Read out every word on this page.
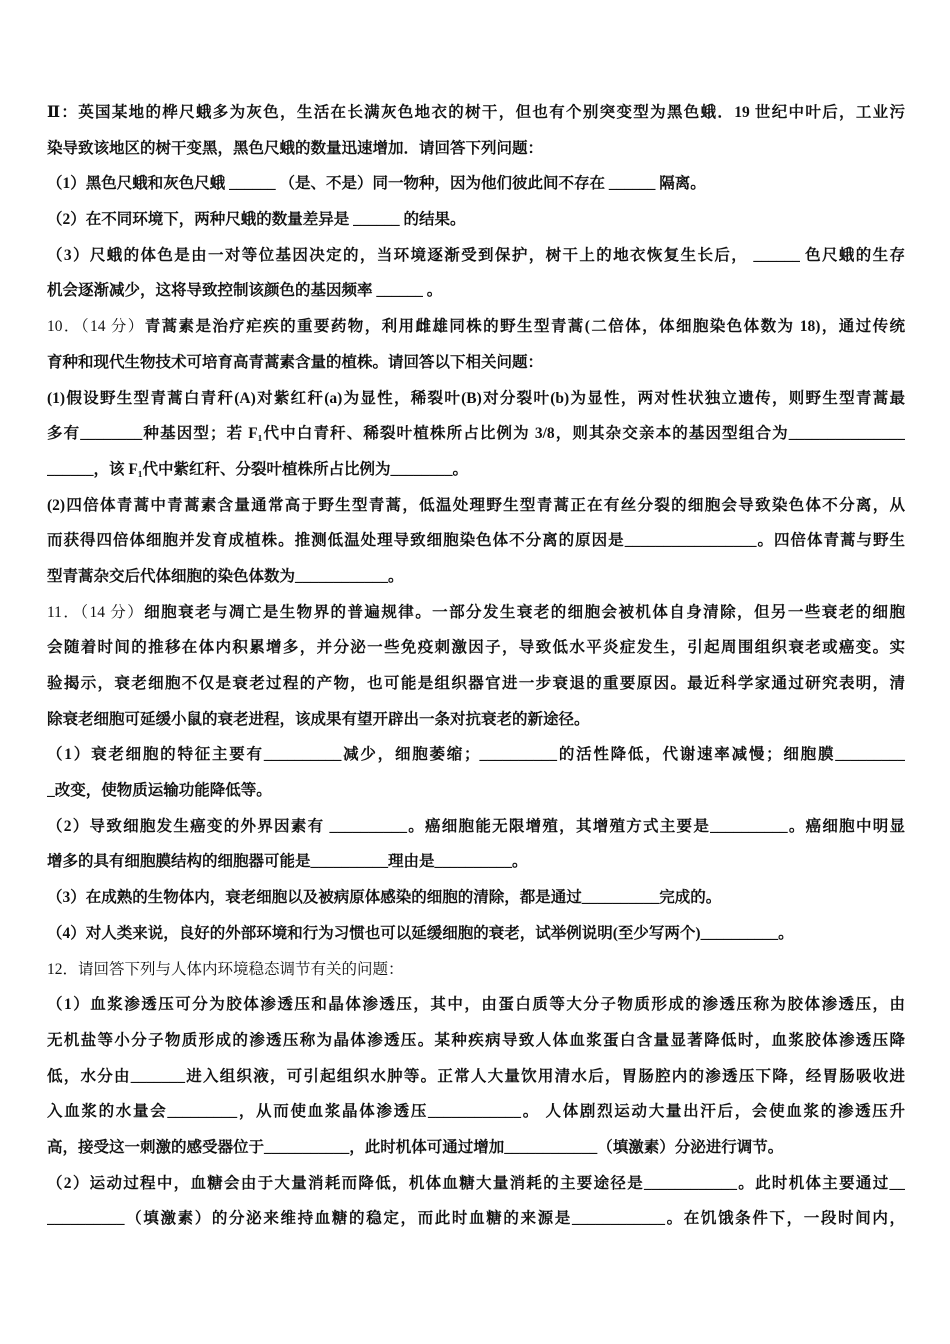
Ⅱ：英国某地的桦尺蛾多为灰色，生活在长满灰色地衣的树干，但也有个别突变型为黑色蛾．19 世纪中叶后，工业污
染导致该地区的树干变黑，黑色尺蛾的数量迅速增加．请回答下列问题：
（1）黑色尺蛾和灰色尺蛾 ______ （是、不是）同一物种，因为他们彼此间不存在 ______ 隔离。
（2）在不同环境下，两种尺蛾的数量差异是 ______ 的结果。
（3）尺蛾的体色是由一对等位基因决定的，当环境逐渐受到保护，树干上的地衣恢复生长后， ______ 色尺蛾的生存
机会逐渐减少，这将导致控制该颜色的基因频率 ______ 。
10．（14 分）青蒿素是治疗疟疾的重要药物，利用雌雄同株的野生型青蒿(二倍体，体细胞染色体数为 18)，通过传统
育种和现代生物技术可培育高青蒿素含量的植株。请回答以下相关问题：
(1)假设野生型青蒿白青秆(A)对紫红秆(a)为显性，稀裂叶(B)对分裂叶(b)为显性，两对性状独立遗传，则野生型青蒿最
多有________种基因型；若 F₁代中白青秆、稀裂叶植株所占比例为 3/8，则其杂交亲本的基因型组合为_______________
______，该 F₁代中紫红秆、分裂叶植株所占比例为________。
(2)四倍体青蒿中青蒿素含量通常高于野生型青蒿，低温处理野生型青蒿正在有丝分裂的细胞会导致染色体不分离，从
而获得四倍体细胞并发育成植株。推测低温处理导致细胞染色体不分离的原因是_________________。四倍体青蒿与野生
型青蒿杂交后代体细胞的染色体数为____________。
11．（14 分）细胞衰老与凋亡是生物界的普遍规律。一部分发生衰老的细胞会被机体自身清除，但另一些衰老的细胞
会随着时间的推移在体内积累增多，并分泌一些免疫刺激因子，导致低水平炎症发生，引起周围组织衰老或癌变。实
验揭示，衰老细胞不仅是衰老过程的产物，也可能是组织器官进一步衰退的重要原因。最近科学家通过研究表明，清
除衰老细胞可延缓小鼠的衰老进程，该成果有望开辟出一条对抗衰老的新途径。
（1）衰老细胞的特征主要有__________减少，细胞萎缩；__________的活性降低，代谢速率减慢；细胞膜_________
_改变，使物质运输功能降低等。
（2）导致细胞发生癌变的外界因素有 __________。癌细胞能无限增殖，其增殖方式主要是__________。癌细胞中明显
增多的具有细胞膜结构的细胞器可能是__________理由是__________。
（3）在成熟的生物体内，衰老细胞以及被病原体感染的细胞的清除，都是通过__________完成的。
（4）对人类来说，良好的外部环境和行为习惯也可以延缓细胞的衰老，试举例说明(至少写两个)__________。
12．请回答下列与人体内环境稳态调节有关的问题：
（1）血浆渗透压可分为胶体渗透压和晶体渗透压，其中，由蛋白质等大分子物质形成的渗透压称为胶体渗透压，由
无机盐等小分子物质形成的渗透压称为晶体渗透压。某种疾病导致人体血浆蛋白含量显著降低时，血浆胶体渗透压降
低，水分由_______进入组织液，可引起组织水肿等。正常人大量饮用清水后，胃肠腔内的渗透压下降，经胃肠吸收进
入血浆的水量会_________，从而使血浆晶体渗透压____________。 人体剧烈运动大量出汗后，会使血浆的渗透压升
高，接受这一刺激的感受器位于___________，此时机体可通过增加____________（填激素）分泌进行调节。
（2）运动过程中，血糖会由于大量消耗而降低，机体血糖大量消耗的主要途径是____________。此时机体主要通过__
__________（填激素）的分泌来维持血糖的稳定，而此时血糖的来源是____________。在饥饿条件下，一段时间内，
